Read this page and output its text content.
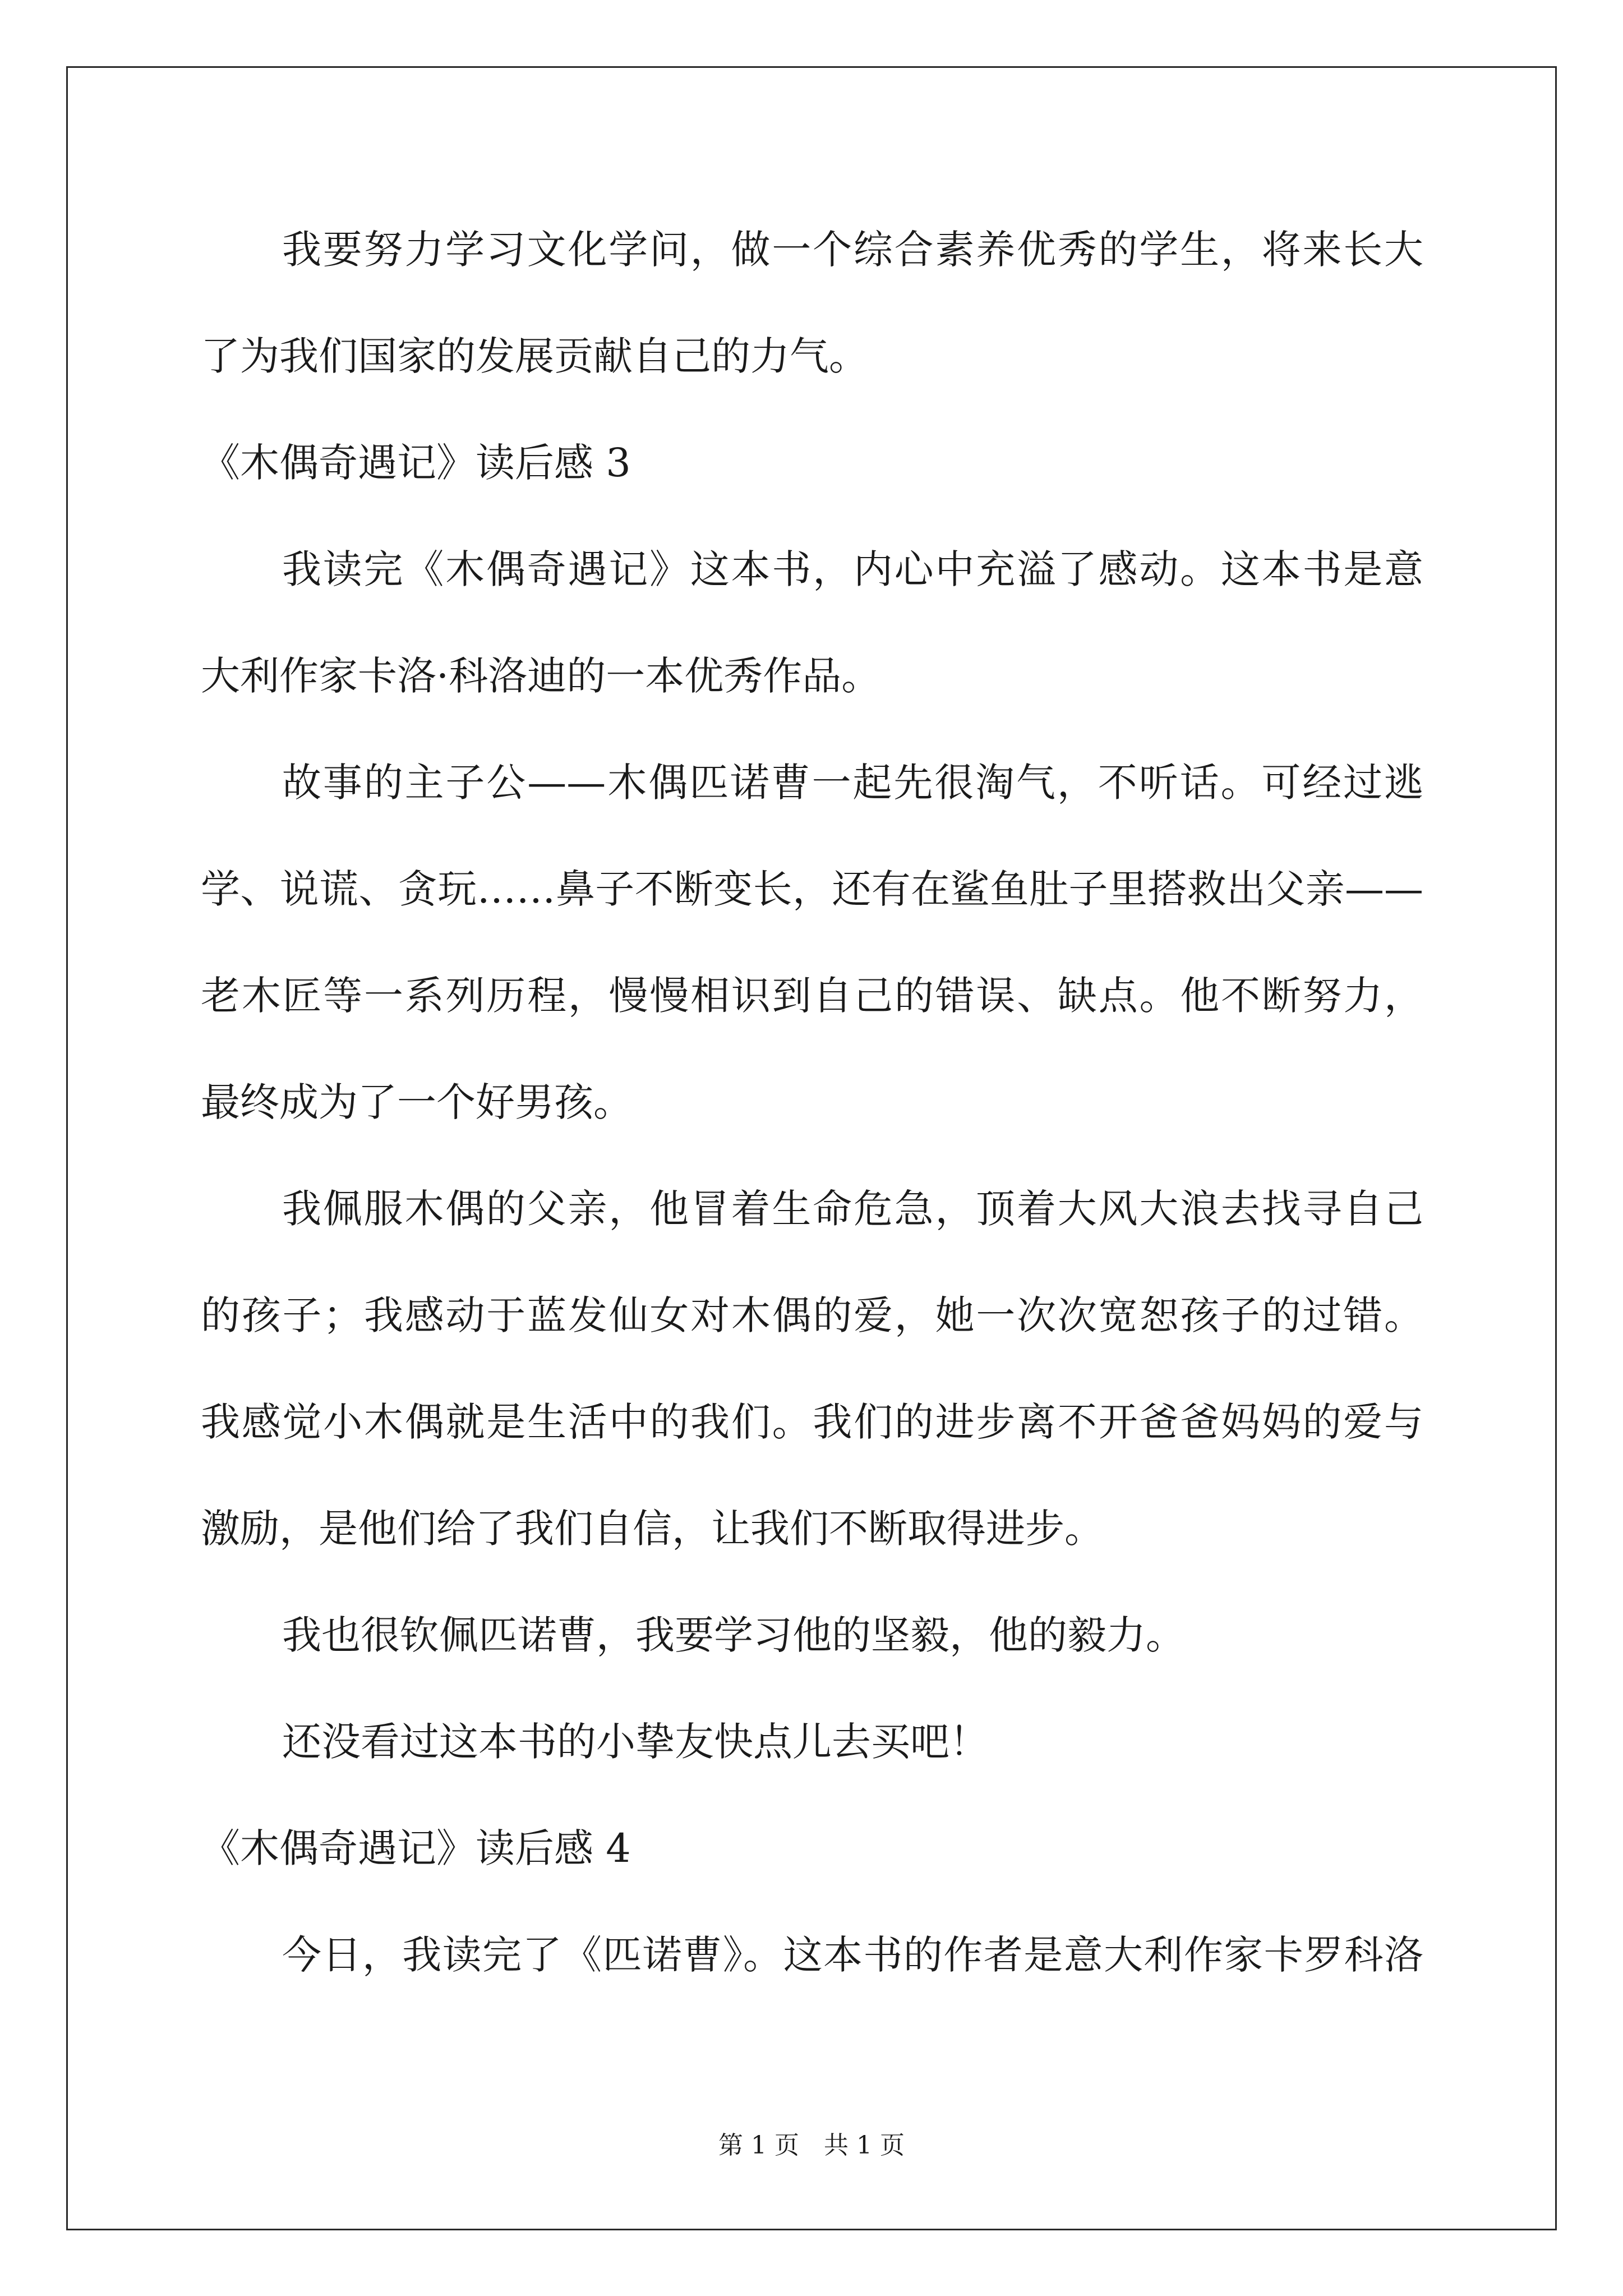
我要努力学习文化学问，做一个综合素养优秀的学生，将来长大
了为我们国家的发展贡献自己的力气。
《木偶奇遇记》读后感 3
我读完《木偶奇遇记》这本书，内心中充溢了感动。这本书是意
大利作家卡洛·科洛迪的一本优秀作品。
故事的主子公——木偶匹诺曹一起先很淘气，不听话。可经过逃
学、说谎、贪玩……鼻子不断变长，还有在鲨鱼肚子里搭救出父亲——
老木匠等一系列历程，慢慢相识到自己的错误、缺点。他不断努力，
最终成为了一个好男孩。
我佩服木偶的父亲，他冒着生命危急，顶着大风大浪去找寻自己
的孩子；我感动于蓝发仙女对木偶的爱，她一次次宽恕孩子的过错。
我感觉小木偶就是生活中的我们。我们的进步离不开爸爸妈妈的爱与
激励，是他们给了我们自信，让我们不断取得进步。
我也很钦佩匹诺曹，我要学习他的坚毅，他的毅力。
还没看过这本书的小挚友快点儿去买吧！
《木偶奇遇记》读后感 4
今日，我读完了《匹诺曹》。这本书的作者是意大利作家卡罗科洛
第 1 页 共 1 页
